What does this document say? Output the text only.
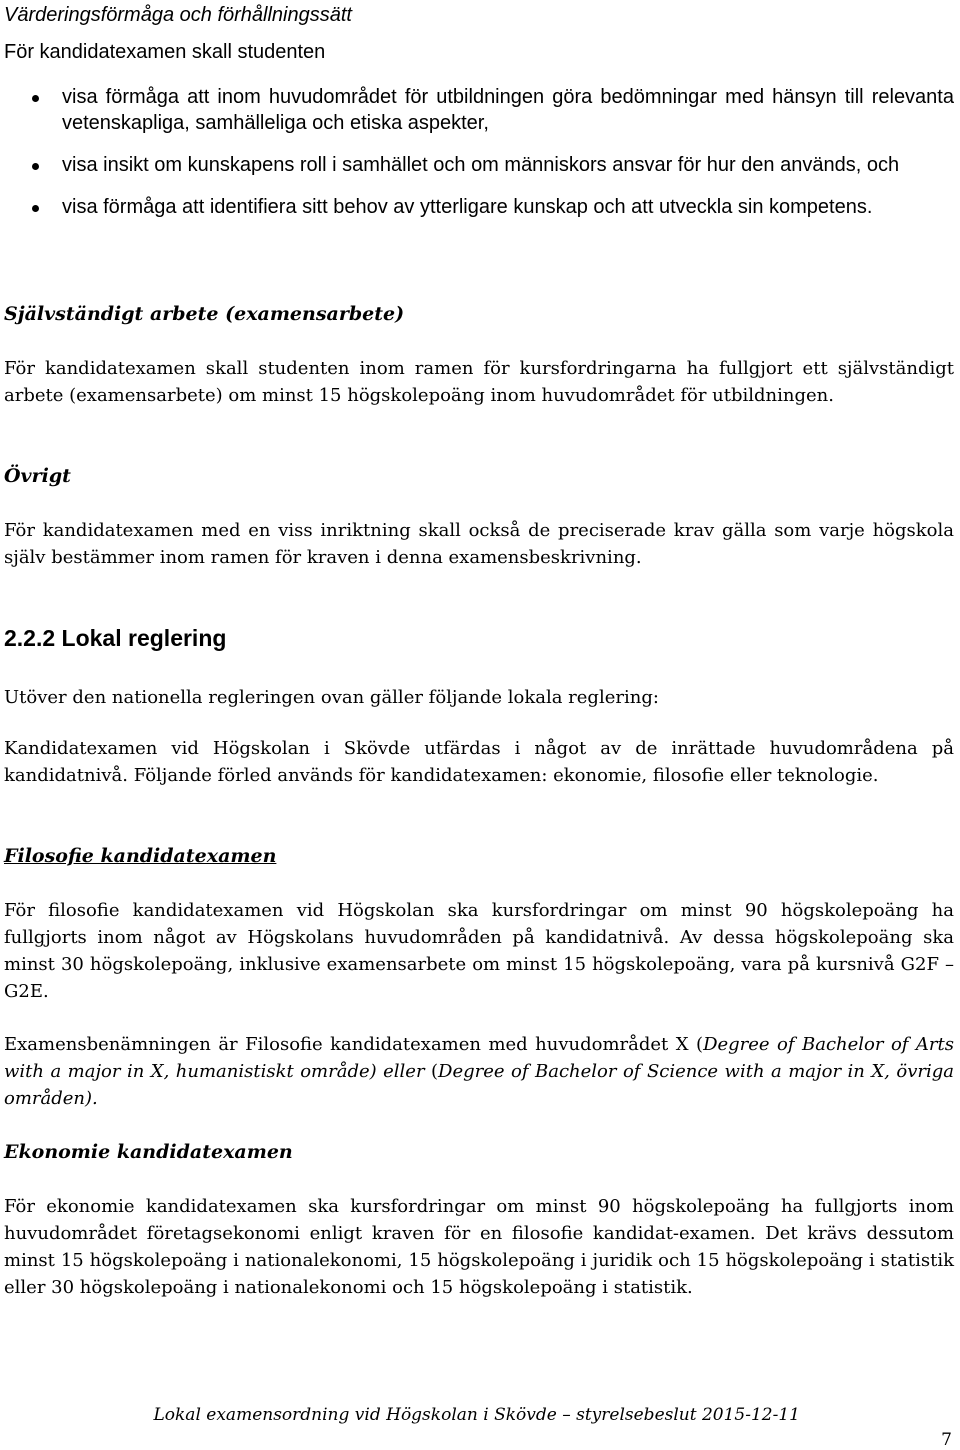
Värderingsförmåga och förhållningssätt
För kandidatexamen skall studenten
visa förmåga att inom huvudområdet för utbildningen göra bedömningar med hänsyn till relevanta vetenskapliga, samhälleliga och etiska aspekter,
visa insikt om kunskapens roll i samhället och om människors ansvar för hur den används, och
visa förmåga att identifiera sitt behov av ytterligare kunskap och att utveckla sin kompetens.
Självständigt arbete (examensarbete)
För kandidatexamen skall studenten inom ramen för kursfordringarna ha fullgjort ett självständigt arbete (examensarbete) om minst 15 högskolepoäng inom huvudområdet för utbildningen.
Övrigt
För kandidatexamen med en viss inriktning skall också de preciserade krav gälla som varje högskola själv bestämmer inom ramen för kraven i denna examensbeskrivning.
2.2.2 Lokal reglering
Utöver den nationella regleringen ovan gäller följande lokala reglering:
Kandidatexamen vid Högskolan i Skövde utfärdas i något av de inrättade huvudområdena på kandidatnivå. Följande förled används för kandidatexamen: ekonomie, filosofie eller teknologie.
Filosofie kandidatexamen
För filosofie kandidatexamen vid Högskolan ska kursfordringar om minst 90 högskolepoäng ha fullgjorts inom något av Högskolans huvudområden på kandidatnivå. Av dessa högskolepoäng ska minst 30 högskolepoäng, inklusive examensarbete om minst 15 högskolepoäng, vara på kursnivå G2F – G2E.
Examensbenämningen är Filosofie kandidatexamen med huvudområdet X (Degree of Bachelor of Arts with a major in X, humanistiskt område) eller (Degree of Bachelor of Science with a major in X, övriga områden).
Ekonomie kandidatexamen
För ekonomie kandidatexamen ska kursfordringar om minst 90 högskolepoäng ha fullgjorts inom huvudområdet företagsekonomi enligt kraven för en filosofie kandidat-examen. Det krävs dessutom minst 15 högskolepoäng i nationalekonomi, 15 högskolepoäng i juridik och 15 högskolepoäng i statistik eller 30 högskolepoäng i nationalekonomi och 15 högskolepoäng i statistik.
Lokal examensordning vid Högskolan i Skövde – styrelsebeslut 2015-12-11
7
